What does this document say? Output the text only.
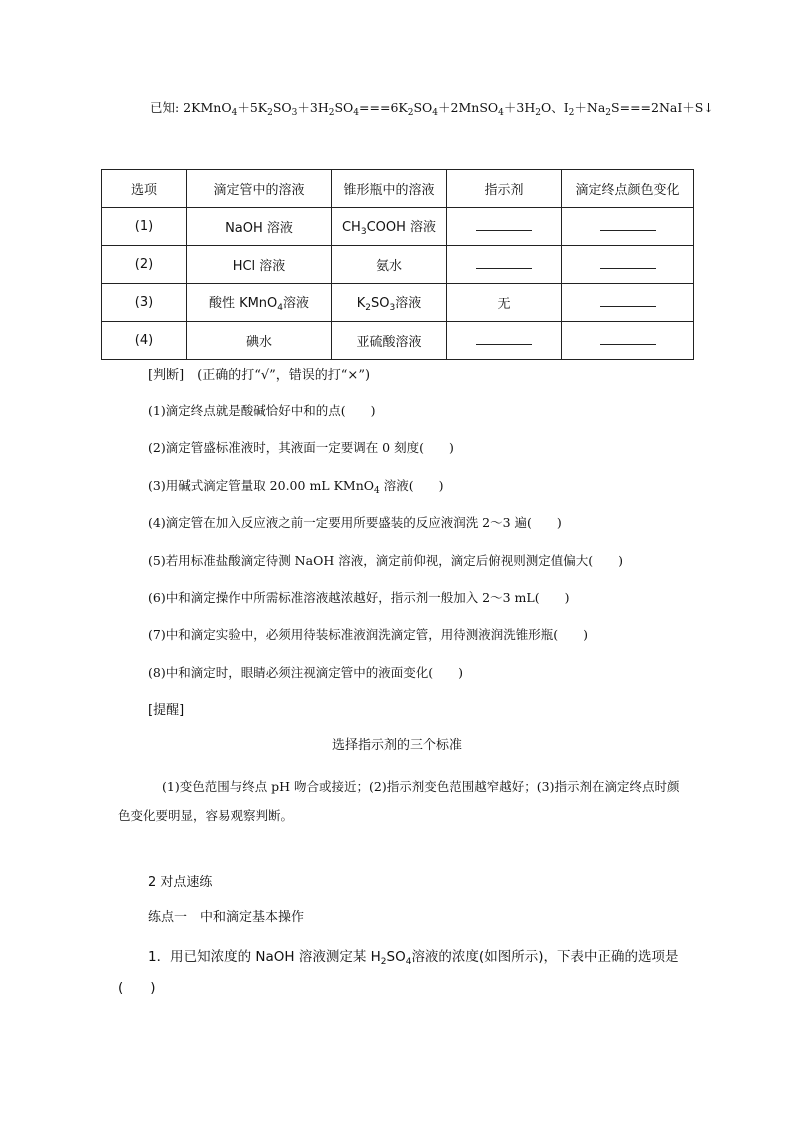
已知: $2KMnO_4+5K_2SO_3+3H_2SO_4===6K_2SO_4+2MnSO_4+3H_2O$、$I_2+Na_2S===2NaI+S↓$
选项	滴定管中的溶液	锥形瓶中的溶液	指示剂	滴定终点颜色变化
(1)	NaOH 溶液	$CH_3COOH$ 溶液		
(2)	HCl 溶液	氨水		
(3)	酸性 KMnO$_4$溶液	$K_2SO_3$溶液	无	
(4)	碘水	亚硫酸溶液		
[判断]　(正确的打“√”，错误的打“×”)
(1)滴定终点就是酸碱恰好中和的点(　　)
(2)滴定管盛标准液时，其液面一定要调在 0 刻度(　　)
(3)用碱式滴定管量取 20.00 mL KMnO$_4$ 溶液(　　)
(4)滴定管在加入反应液之前一定要用所要盛装的反应液润洗 2～3 遍(　　)
(5)若用标准盐酸滴定待测 NaOH 溶液，滴定前仰视，滴定后俯视则测定值偏大(　　)
(6)中和滴定操作中所需标准溶液越浓越好，指示剂一般加入 2～3 mL(　　)
(7)中和滴定实验中，必须用待装标准液润洗滴定管，用待测液润洗锥形瓶(　　)
(8)中和滴定时，眼睛必须注视滴定管中的液面变化(　　)
[提醒]
选择指示剂的三个标准
(1)变色范围与终点 pH 吻合或接近；(2)指示剂变色范围越窄越好；(3)指示剂在滴定终点时颜色变化要明显，容易观察判断。
2 对点速练
练点一　中和滴定基本操作
1．用已知浓度的 NaOH 溶液测定某 $H_2SO_4$溶液的浓度(如图所示)，下表中正确的选项是(　　)
